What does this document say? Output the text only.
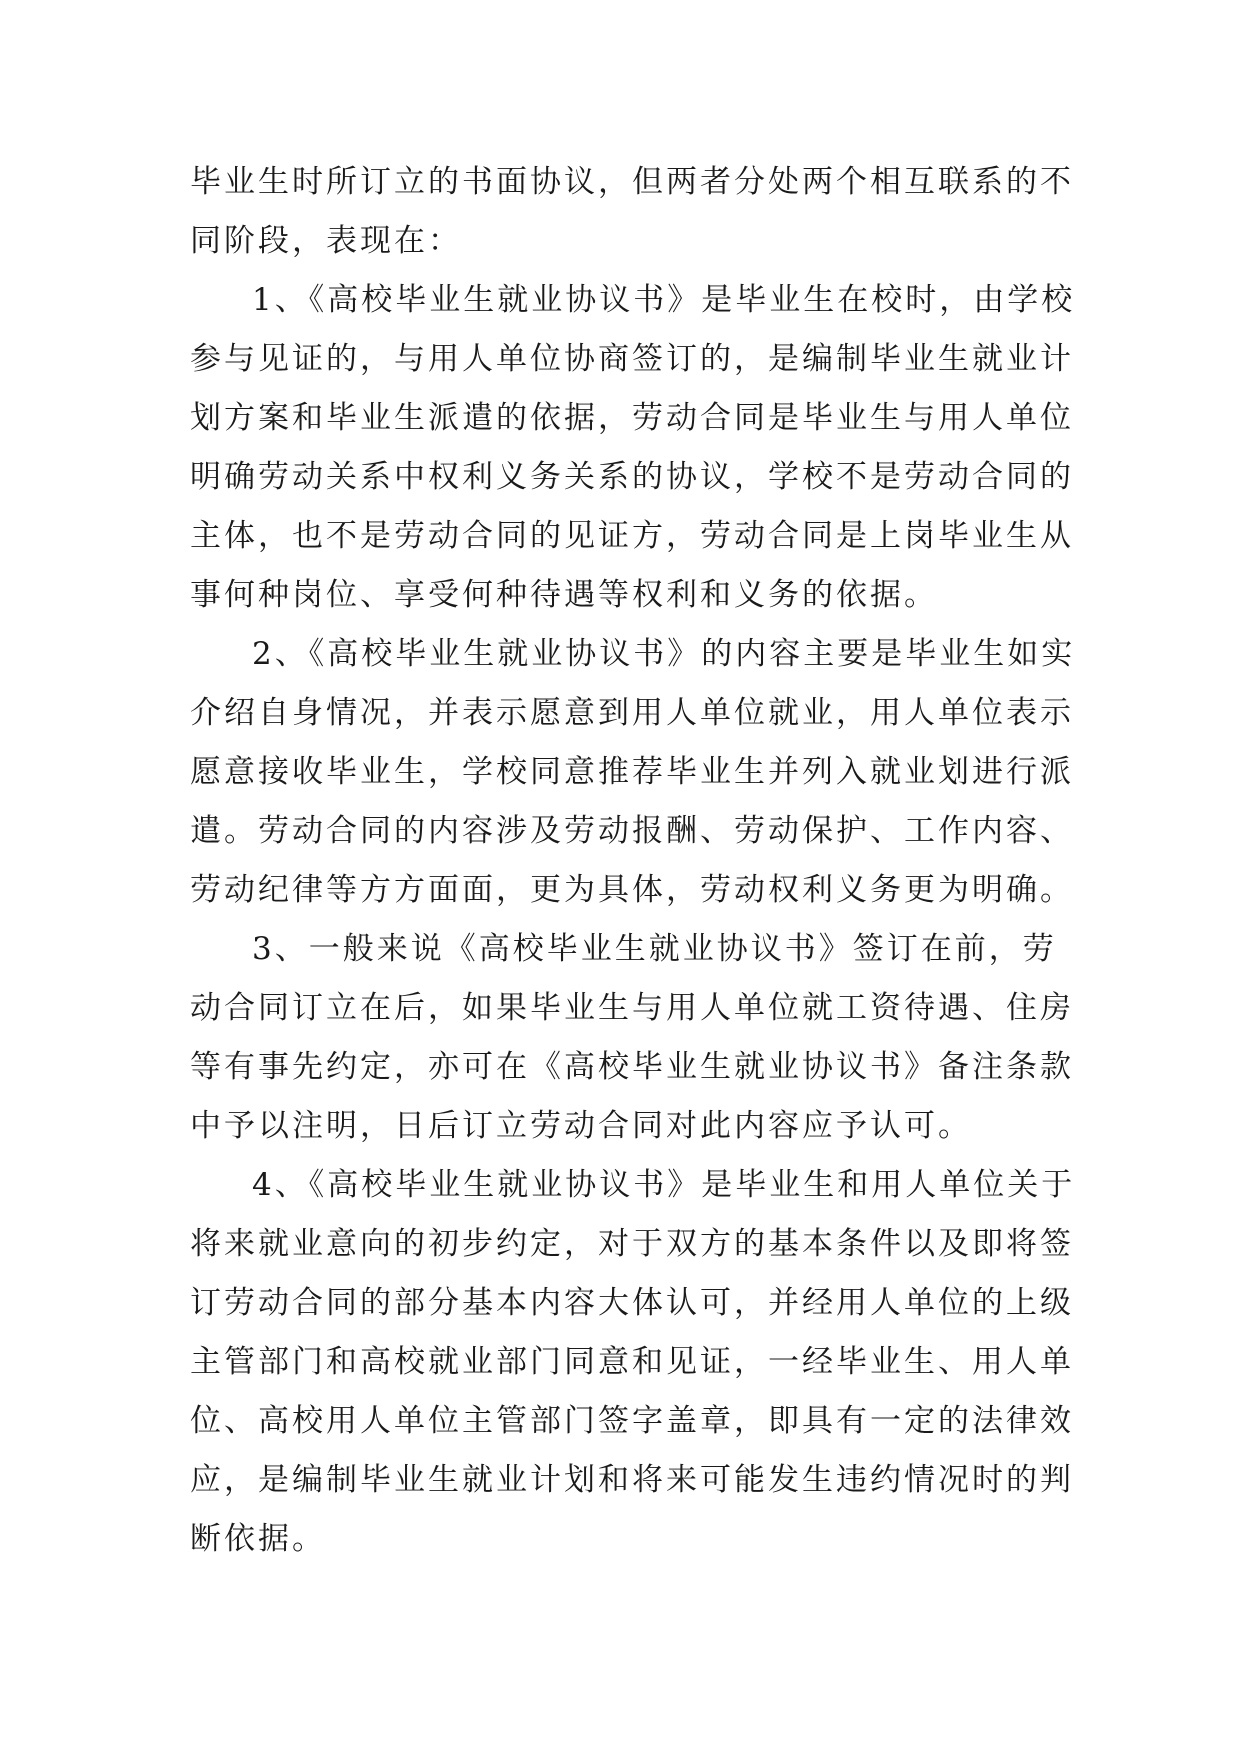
毕业生时所订立的书面协议，但两者分处两个相互联系的不
同阶段，表现在：
1、《高校毕业生就业协议书》是毕业生在校时，由学校
参与见证的，与用人单位协商签订的，是编制毕业生就业计
划方案和毕业生派遣的依据，劳动合同是毕业生与用人单位
明确劳动关系中权利义务关系的协议，学校不是劳动合同的
主体，也不是劳动合同的见证方，劳动合同是上岗毕业生从
事何种岗位、享受何种待遇等权利和义务的依据。
2、《高校毕业生就业协议书》的内容主要是毕业生如实
介绍自身情况，并表示愿意到用人单位就业，用人单位表示
愿意接收毕业生，学校同意推荐毕业生并列入就业划进行派
遣。劳动合同的内容涉及劳动报酬、劳动保护、工作内容、
劳动纪律等方方面面，更为具体，劳动权利义务更为明确。
3、一般来说《高校毕业生就业协议书》签订在前，劳
动合同订立在后，如果毕业生与用人单位就工资待遇、住房
等有事先约定，亦可在《高校毕业生就业协议书》备注条款
中予以注明，日后订立劳动合同对此内容应予认可。
4、《高校毕业生就业协议书》是毕业生和用人单位关于
将来就业意向的初步约定，对于双方的基本条件以及即将签
订劳动合同的部分基本内容大体认可，并经用人单位的上级
主管部门和高校就业部门同意和见证，一经毕业生、用人单
位、高校用人单位主管部门签字盖章，即具有一定的法律效
应，是编制毕业生就业计划和将来可能发生违约情况时的判
断依据。
